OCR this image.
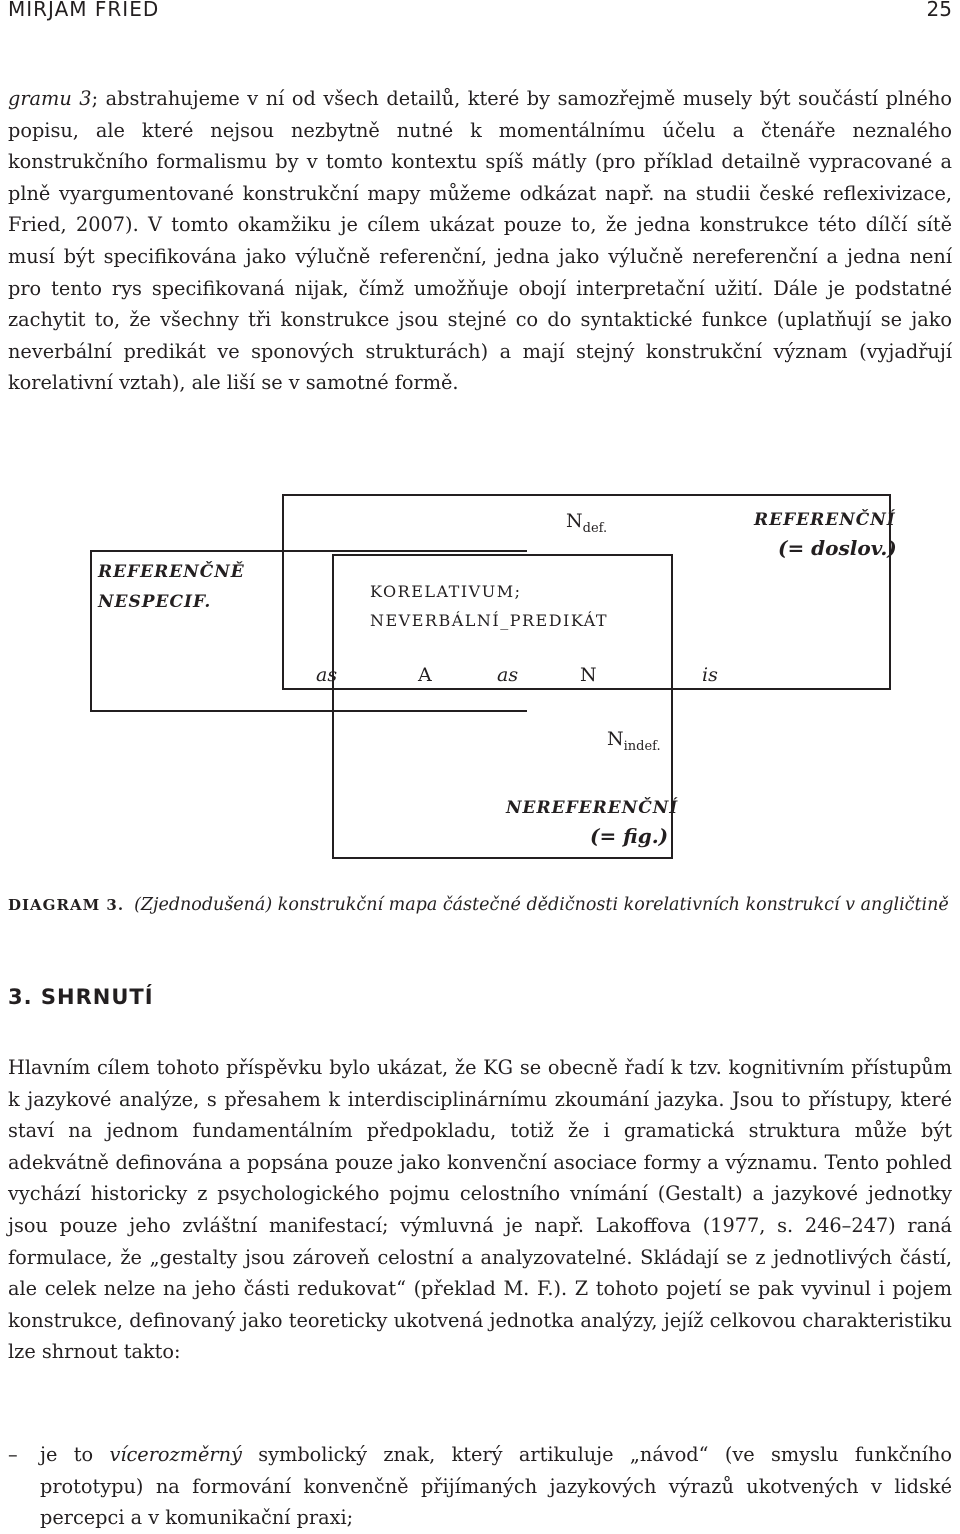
MIRJAM FRIED	25

gramu 3; abstrahujeme v ní od všech detailů, které by samozřejmě musely být součástí plného popisu, ale které nejsou nezbytně nutné k momentálnímu účelu a čtenáře neznalého konstrukčního formalismu by v tomto kontextu spíš mátly (pro příklad detailně vypracované a plně vyargumentované konstrukční mapy můžeme odkázat např. na studii české reflexivizace, Fried, 2007). V tomto okamžiku je cílem ukázat pouze to, že jedna konstrukce této dílčí sítě musí být specifikována jako výlučně referenční, jedna jako výlučně nereferenční a jedna není pro tento rys specifikovaná nijak, čímž umožňuje obojí interpretační užití. Dále je podstatné zachytit to, že všechny tři konstrukce jsou stejné co do syntaktické funkce (uplatňují se jako neverbální predikát ve sponových strukturách) a mají stejný konstrukční význam (vyjadřují korelativní vztah), ale liší se v samotné formě.

REFERENČNĚ
NESPECIF.
$N_{def.}$	REFERENČNÍ
(= doslov.)
KORELATIVUM;
NEVERBÁLNÍ_PREDIKÁT
as	A	as	N	is
$N_{indef.}$
NEREFERENČNÍ
(= fig.)
DIAGRAM 3. (Zjednodušená) konstrukční mapa částečné dědičnosti korelativních konstrukcí v angličtině
3. SHRNUTÍ

Hlavním cílem tohoto příspěvku bylo ukázat, že KG se obecně řadí k tzv. kognitivním přístupům k jazykové analýze, s přesahem k interdisciplinárnímu zkoumání jazyka. Jsou to přístupy, které staví na jednom fundamentálním předpokladu, totiž že i gramatická struktura může být adekvátně definována a popsána pouze jako konvenční asociace formy a významu. Tento pohled vychází historicky z psychologického pojmu celostního vnímání (Gestalt) a jazykové jednotky jsou pouze jeho zvláštní manifestací; výmluvná je např. Lakoffova (1977, s. 246–247) raná formulace, že „gestalty jsou zároveň celostní a analyzovatelné. Skládají se z jednotlivých částí, ale celek nelze na jeho části redukovat“ (překlad M. F.). Z tohoto pojetí se pak vyvinul i pojem konstrukce, definovaný jako teoreticky ukotvená jednotka analýzy, jejíž celkovou charakteristiku lze shrnout takto:

– je to vícerozměrný symbolický znak, který artikuluje „návod“ (ve smyslu funkčního prototypu) na formování konvenčně přijímaných jazykových výrazů ukotvených v lidské percepci a v komunikační praxi;
